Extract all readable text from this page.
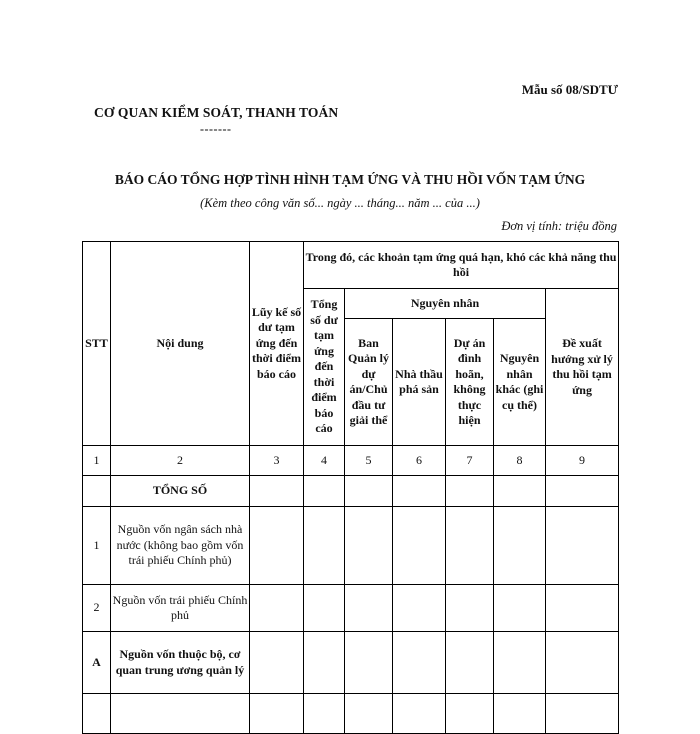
Mẫu số 08/SDTƯ
CƠ QUAN KIỂM SOÁT, THANH TOÁN
-------
BÁO CÁO TỔNG HỢP TÌNH HÌNH TẠM ỨNG VÀ THU HỒI VỐN TẠM ỨNG
(Kèm theo công văn số... ngày ... tháng... năm ... của ...)
Đơn vị tính: triệu đồng
STT	Nội dung	Lũy kế số dư tạm ứng đến thời điểm báo cáo	Trong đó, các khoản tạm ứng quá hạn, khó các khả năng thu hồi					
			Tổng số dư tạm ứng đến thời điểm báo cáo	Nguyên nhân				Đề xuất hướng xử lý thu hồi tạm ứng
				Ban Quản lý dự án/Chủ đầu tư giải thể	Nhà thầu phá sản	Dự án đình hoãn, không thực hiện	Nguyên nhân khác (ghi cụ thể)	
1	2	3	4	5	6	7	8	9
	TỔNG SỐ							
1	Nguồn vốn ngân sách nhà nước (không bao gồm vốn trái phiếu Chính phủ)							
2	Nguồn vốn trái phiếu Chính phủ							
A	Nguồn vốn thuộc bộ, cơ quan trung ương quản lý							
